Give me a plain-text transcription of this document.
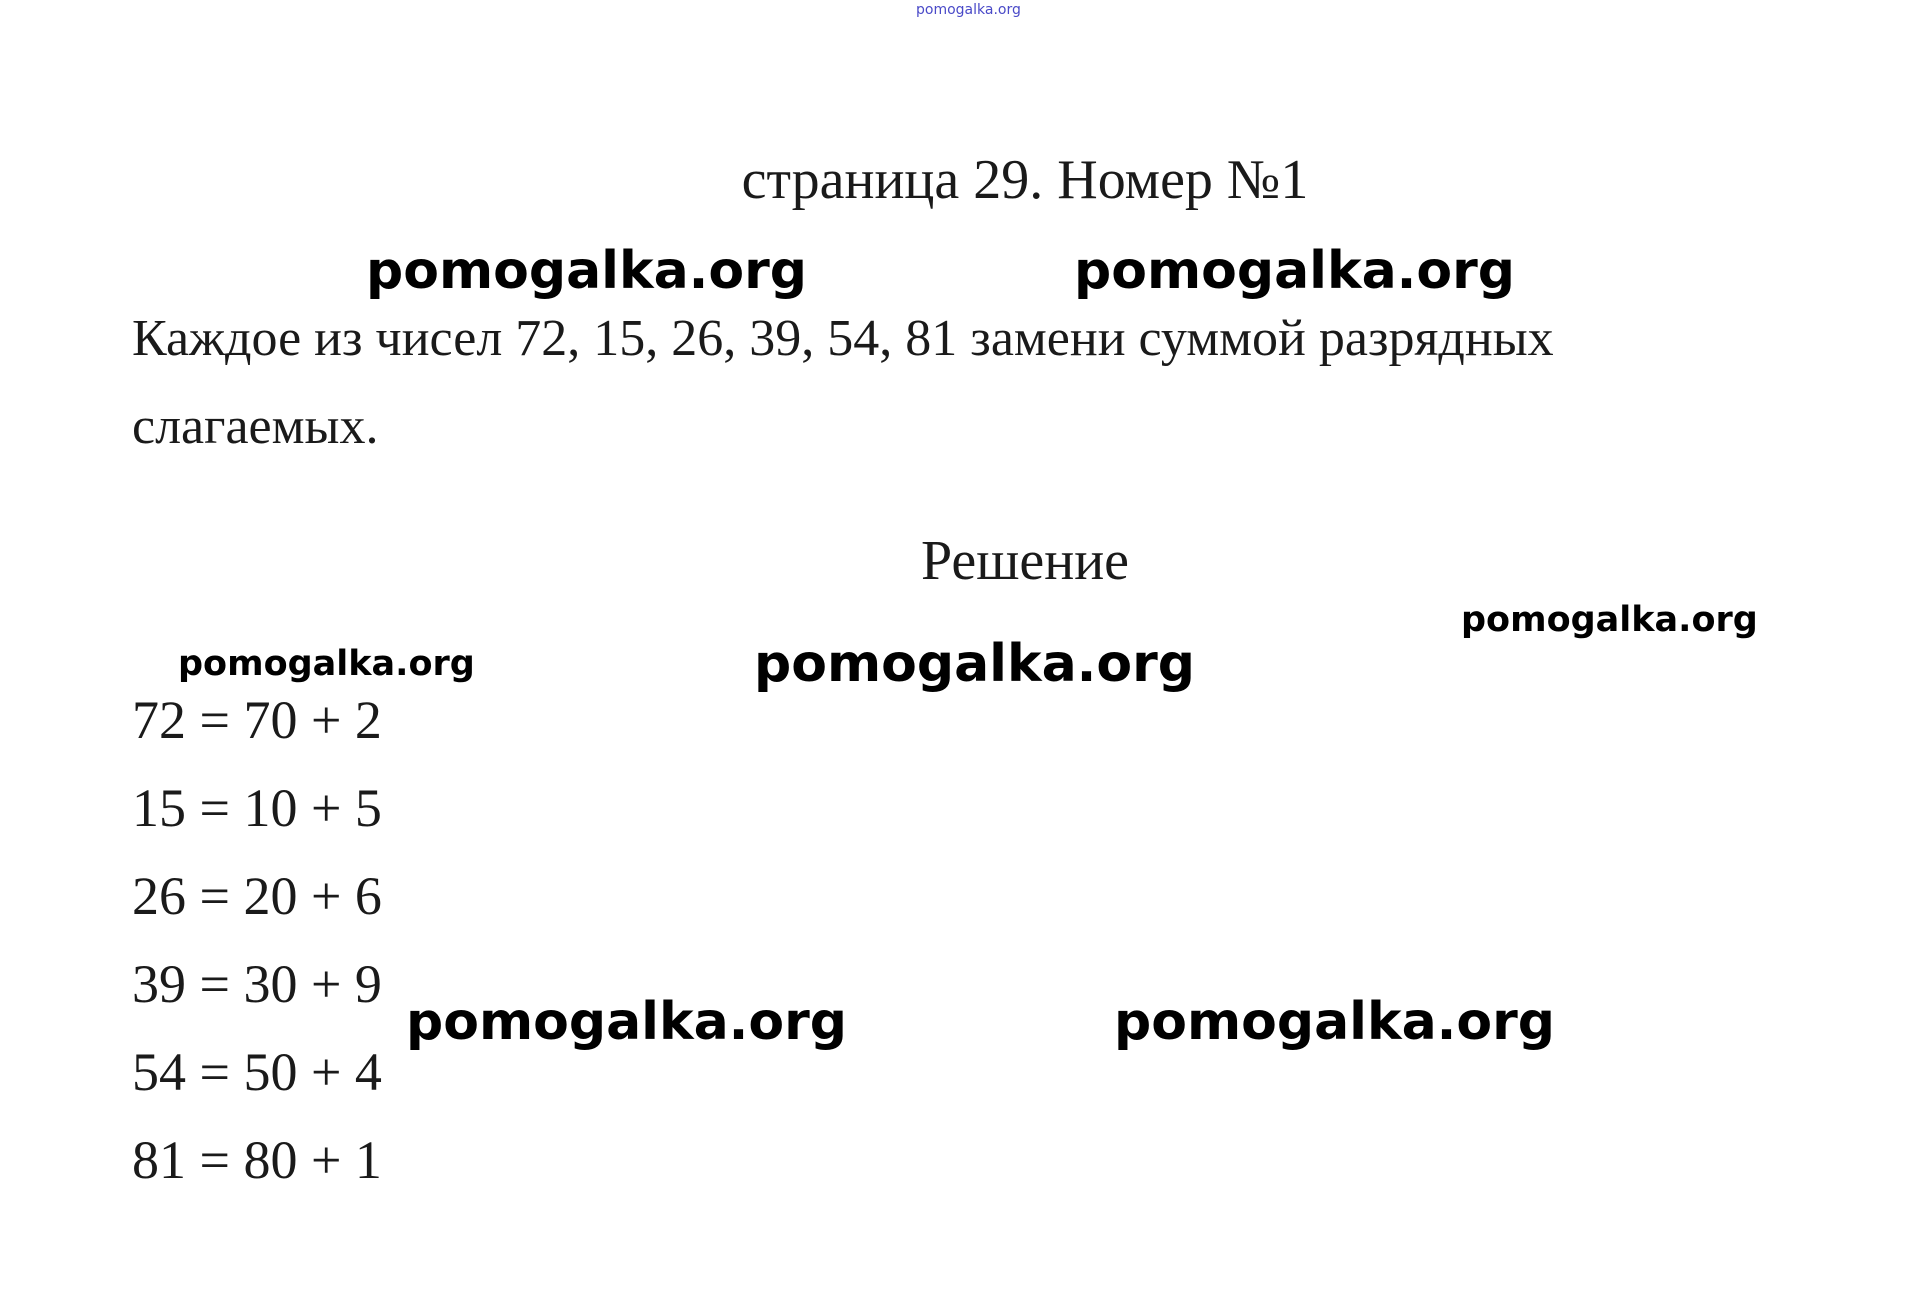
pomogalka.org
страница 29. Номер №1
Каждое из чисел 72, 15, 26, 39, 54, 81 замени суммой разрядных
слагаемых.
Решение
72 = 70 + 2
15 = 10 + 5
26 = 20 + 6
39 = 30 + 9
54 = 50 + 4
81 = 80 + 1
pomogalka.org	pomogalka.org
pomogalka.org
pomogalka.org	pomogalka.org
pomogalka.org	pomogalka.org
